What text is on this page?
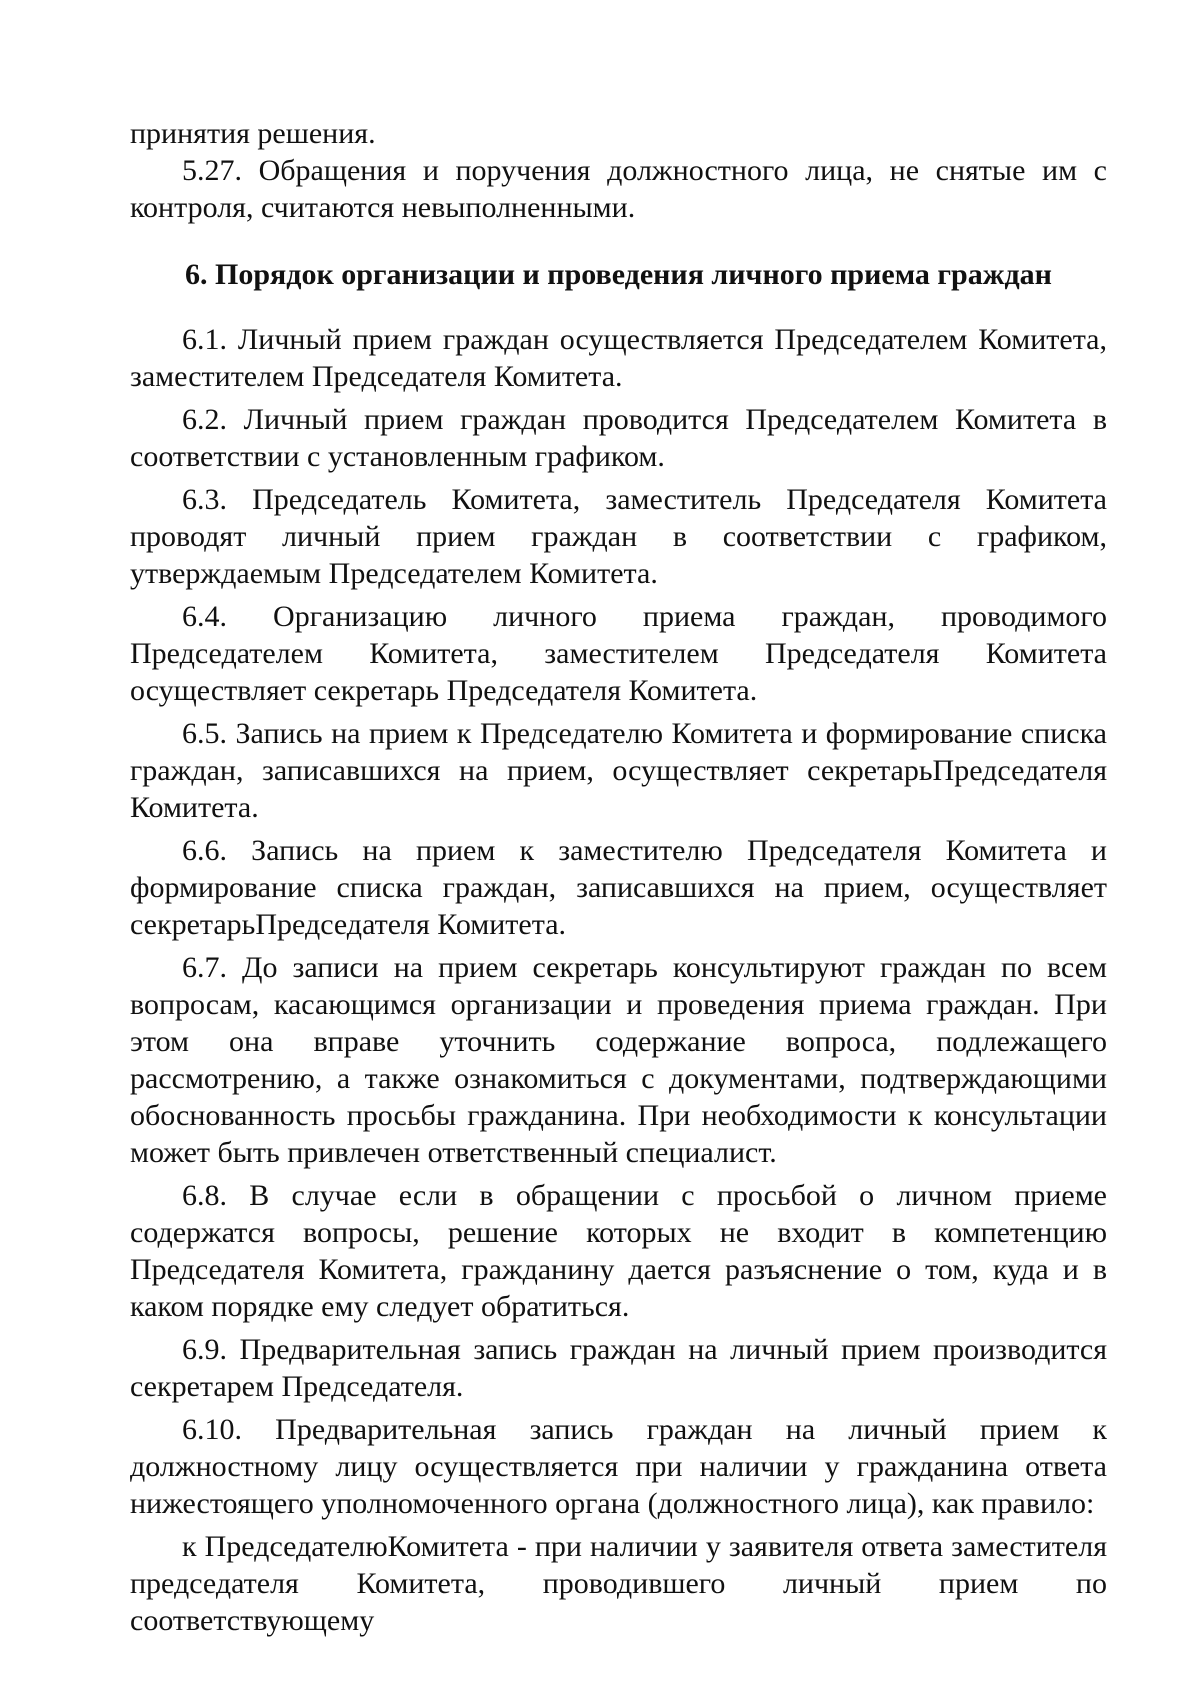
принятия решения.

5.27. Обращения и поручения должностного лица, не снятые им с контроля, считаются невыполненными.

6. Порядок организации и проведения личного приема граждан

6.1. Личный прием граждан осуществляется Председателем Комитета, заместителем Председателя Комитета.

6.2. Личный прием граждан проводится Председателем Комитета в соответствии с установленным графиком.

6.3. Председатель Комитета, заместитель Председателя Комитета проводят личный прием граждан в соответствии с графиком, утверждаемым Председателем Комитета.

6.4. Организацию личного приема граждан, проводимого Председателем Комитета, заместителем Председателя Комитета осуществляет секретарь Председателя Комитета.

6.5. Запись на прием к Председателю Комитета и формирование списка граждан, записавшихся на прием, осуществляет секретарьПредседателя Комитета.

6.6. Запись на прием к заместителю Председателя Комитета и формирование списка граждан, записавшихся на прием, осуществляет секретарьПредседателя Комитета.

6.7. До записи на прием секретарь консультируют граждан по всем вопросам, касающимся организации и проведения приема граждан. При этом она вправе уточнить содержание вопроса, подлежащего рассмотрению, а также ознакомиться с документами, подтверждающими обоснованность просьбы гражданина. При необходимости к консультации может быть привлечен ответственный специалист.

6.8. В случае если в обращении с просьбой о личном приеме содержатся вопросы, решение которых не входит в компетенцию Председателя Комитета, гражданину дается разъяснение о том, куда и в каком порядке ему следует обратиться.

6.9. Предварительная запись граждан на личный прием производится секретарем Председателя.

6.10. Предварительная запись граждан на личный прием к должностному лицу осуществляется при наличии у гражданина ответа нижестоящего уполномоченного органа (должностного лица), как правило:

к ПредседателюКомитета - при наличии у заявителя ответа заместителя председателя Комитета, проводившего личный прием по соответствующему
